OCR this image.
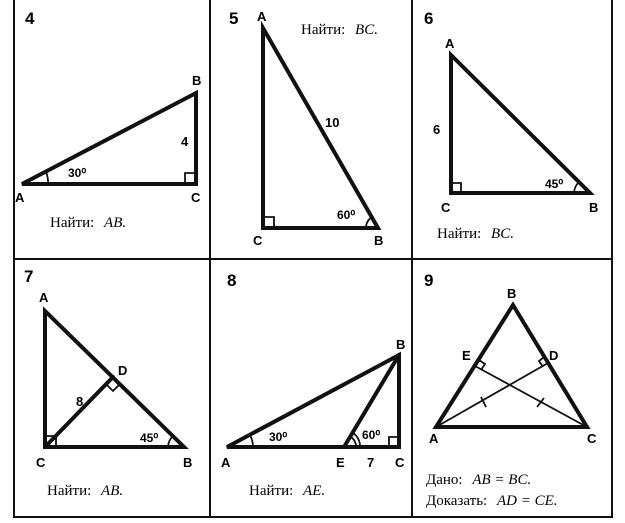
4
A
B
C
4
30⁰
Найти: AB.
5 A
B
C
10
60⁰
Найти: BC.
6
A
B
C
6
45⁰
Найти: BC.
7
A
B
C
D
8
45⁰
Найти: AB.
8
A
B
C
E 7
30⁰	60⁰
Найти: AE.
9
A
B
C
D
E
Дано: AB = BC.
Доказать: AD = CE.
